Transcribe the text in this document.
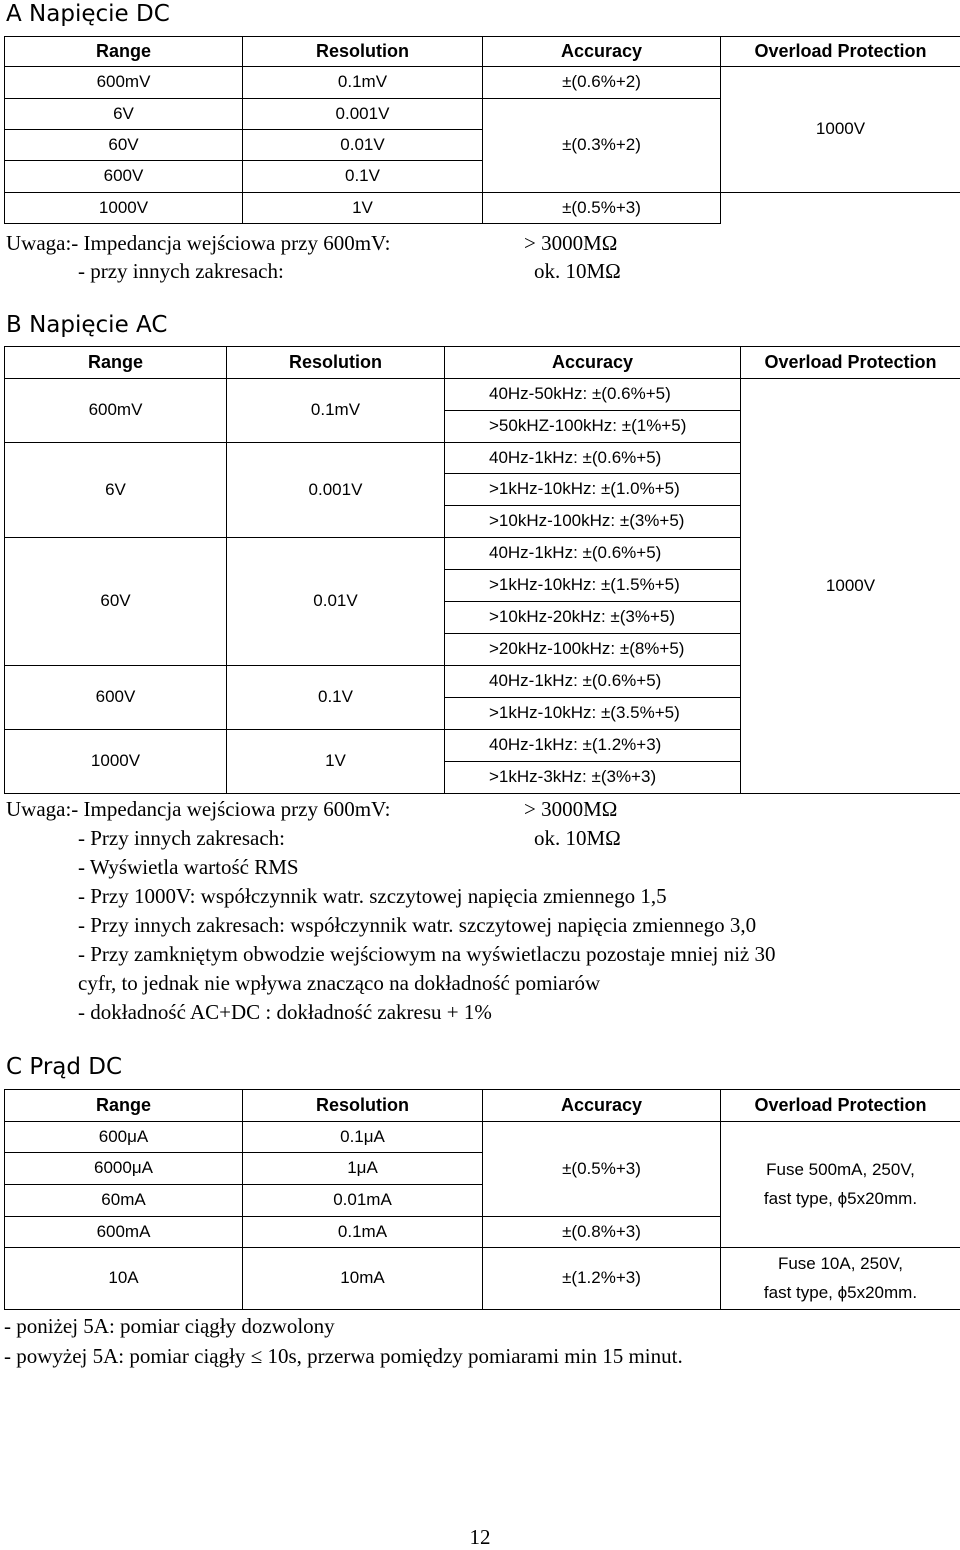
A Napięcie DC
Range	Resolution	Accuracy	Overload Protection
600mV	0.1mV	±(0.6%+2)	1000V
6V	0.001V	±(0.3%+2)	
60V	0.01V		
600V	0.1V		
1000V	1V	±(0.5%+3)	
Uwaga:- Impedancja wejściowa przy 600mV:	> 3000MΩ
- przy innych zakresach:	ok. 10MΩ
B Napięcie AC
Range	Resolution	Accuracy	Overload Protection
600mV	0.1mV	40Hz-50kHz: ±(0.6%+5)	1000V
		>50kHZ-100kHz: ±(1%+5)	
6V	0.001V	40Hz-1kHz: ±(0.6%+5)	
		>1kHz-10kHz: ±(1.0%+5)	
		>10kHz-100kHz: ±(3%+5)	
60V	0.01V	40Hz-1kHz: ±(0.6%+5)	
		>1kHz-10kHz: ±(1.5%+5)	
		>10kHz-20kHz: ±(3%+5)	
		>20kHz-100kHz: ±(8%+5)	
600V	0.1V	40Hz-1kHz: ±(0.6%+5)	
		>1kHz-10kHz: ±(3.5%+5)	
1000V	1V	40Hz-1kHz: ±(1.2%+3)	
		>1kHz-3kHz: ±(3%+3)	
Uwaga:- Impedancja wejściowa przy 600mV:	> 3000MΩ
- Przy innych zakresach:	ok. 10MΩ
- Wyświetla wartość RMS
- Przy 1000V: współczynnik watr. szczytowej napięcia zmiennego 1,5
- Przy innych zakresach: współczynnik watr. szczytowej napięcia zmiennego 3,0
- Przy zamkniętym obwodzie wejściowym na wyświetlaczu pozostaje mniej niż 30
cyfr, to jednak nie wpływa znacząco na dokładność pomiarów
- dokładność AC+DC : dokładność zakresu + 1%
C Prąd DC
Range	Resolution	Accuracy	Overload Protection
600μA	0.1μA	±(0.5%+3)	Fuse 500mA, 250V,
fast type, ϕ5x20mm.

6000μA	1μA		
60mA	0.01mA		
600mA	0.1mA	±(0.8%+3)	
10A	10mA	±(1.2%+3)	Fuse 10A, 250V,
fast type, ϕ5x20mm.
- poniżej 5A: pomiar ciągły dozwolony
- powyżej 5A: pomiar ciągły ≤ 10s, przerwa pomiędzy pomiarami min 15 minut.
12
